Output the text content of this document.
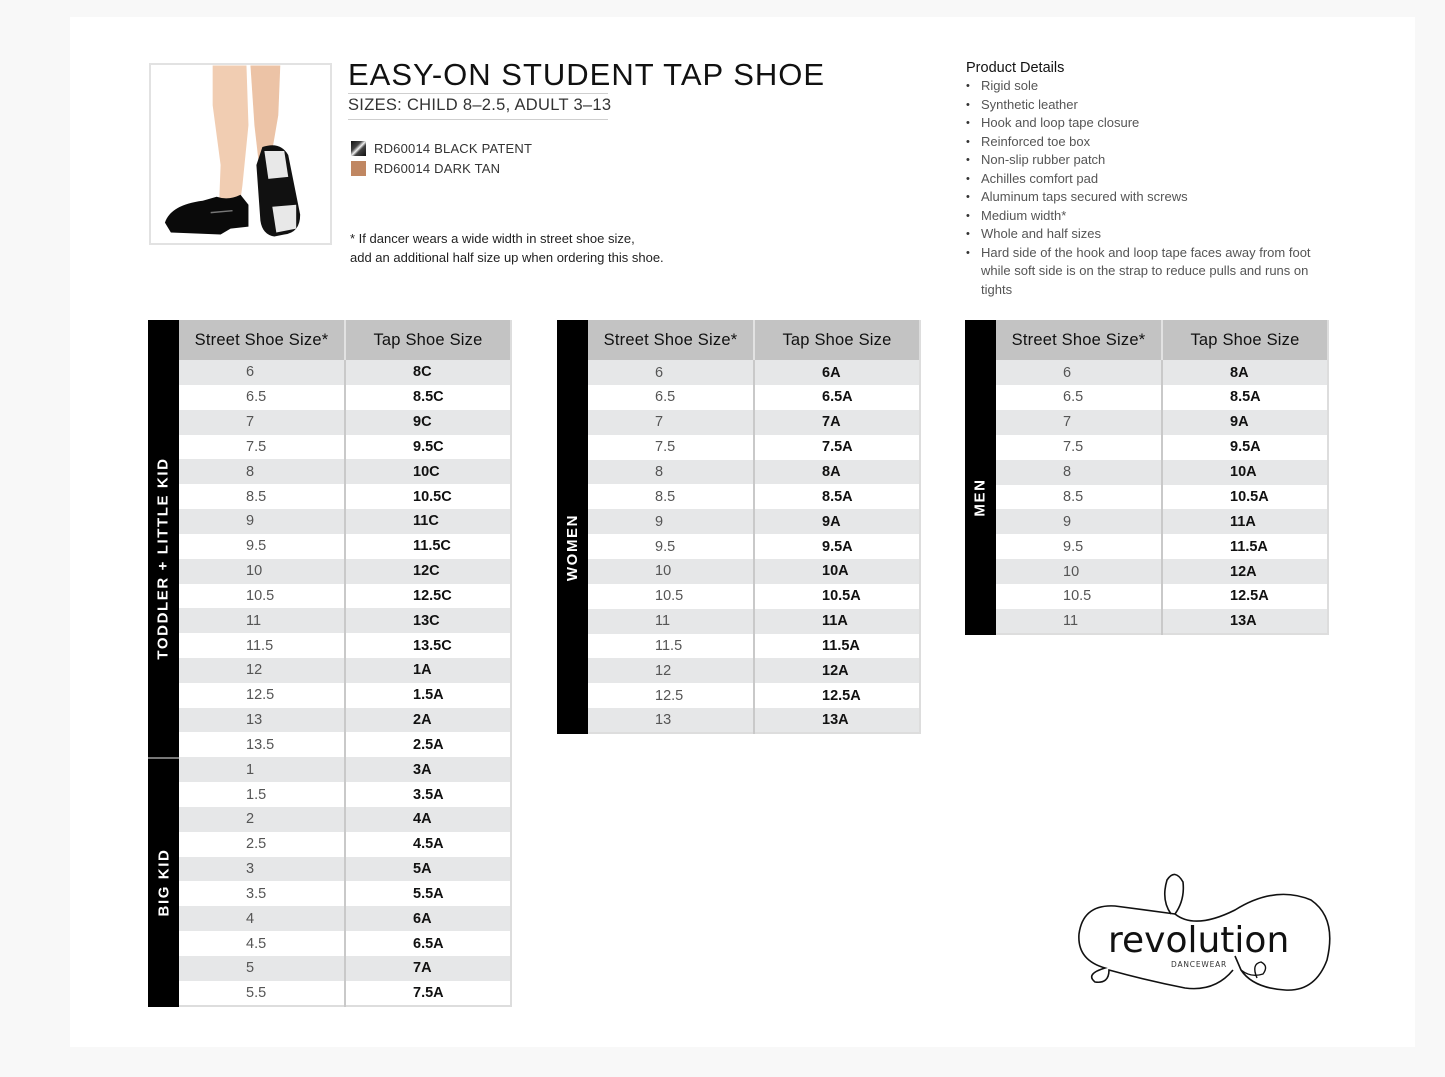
EASY-ON STUDENT TAP SHOE
SIZES: CHILD 8–2.5, ADULT 3–13
RD60014 BLACK PATENT
RD60014 DARK TAN
* If dancer wears a wide width in street shoe size,
add an additional half size up when ordering this shoe.
Product Details
• Rigid sole
• Synthetic leather
• Hook and loop tape closure
• Reinforced toe box
• Non-slip rubber patch
• Achilles comfort pad
• Aluminum taps secured with screws
• Medium width*
• Whole and half sizes
• Hard side of the hook and loop tape faces away from foot while soft side is on the strap to reduce pulls and runs on tights
TODDLER + LITTLE KID
BIG KID
Street Shoe Size*	Tap Shoe Size
6	8C
6.5	8.5C
7	9C
7.5	9.5C
8	10C
8.5	10.5C
9	11C
9.5	11.5C
10	12C
10.5	12.5C
11	13C
11.5	13.5C
12	1A
12.5	1.5A
13	2A
13.5	2.5A
1	3A
1.5	3.5A
2	4A
2.5	4.5A
3	5A
3.5	5.5A
4	6A
4.5	6.5A
5	7A
5.5	7.5A
WOMEN
Street Shoe Size*	Tap Shoe Size
6	6A
6.5	6.5A
7	7A
7.5	7.5A
8	8A
8.5	8.5A
9	9A
9.5	9.5A
10	10A
10.5	10.5A
11	11A
11.5	11.5A
12	12A
12.5	12.5A
13	13A
MEN
Street Shoe Size*	Tap Shoe Size
6	8A
6.5	8.5A
7	9A
7.5	9.5A
8	10A
8.5	10.5A
9	11A
9.5	11.5A
10	12A
10.5	12.5A
11	13A
revolution
DANCEWEAR
